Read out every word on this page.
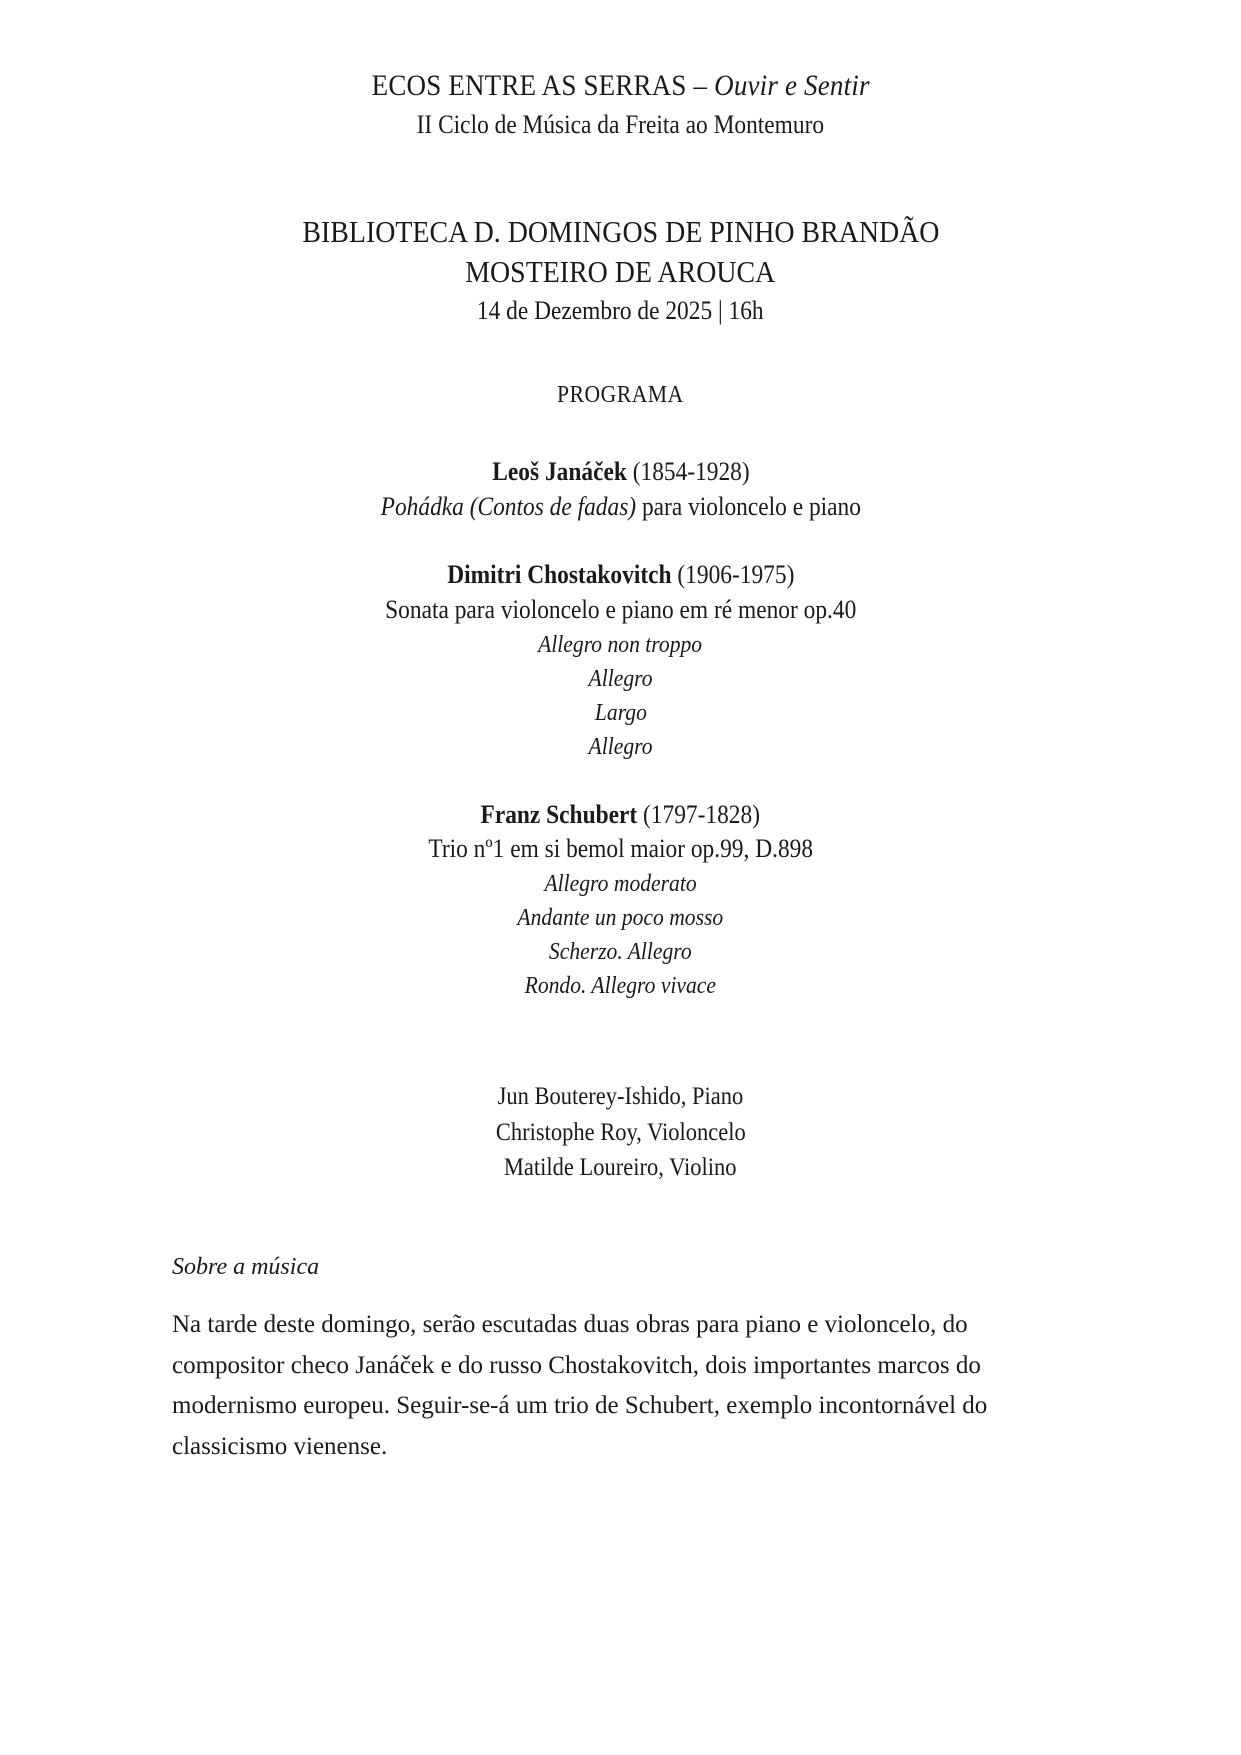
ECOS ENTRE AS SERRAS – Ouvir e Sentir
II Ciclo de Música da Freita ao Montemuro
BIBLIOTECA D. DOMINGOS DE PINHO BRANDÃO
MOSTEIRO DE AROUCA
14 de Dezembro de 2025 | 16h
PROGRAMA
Leoš Janáček (1854-1928)
Pohádka (Contos de fadas) para violoncelo e piano
Dimitri Chostakovitch (1906-1975)
Sonata para violoncelo e piano em ré menor op.40
Allegro non troppo
Allegro
Largo
Allegro
Franz Schubert (1797-1828)
Trio nº1 em si bemol maior op.99, D.898
Allegro moderato
Andante un poco mosso
Scherzo. Allegro
Rondo. Allegro vivace
Jun Bouterey-Ishido, Piano
Christophe Roy, Violoncelo
Matilde Loureiro, Violino
Sobre a música
Na tarde deste domingo, serão escutadas duas obras para piano e violoncelo, do compositor checo Janáček e do russo Chostakovitch, dois importantes marcos do modernismo europeu. Seguir-se-á um trio de Schubert, exemplo incontornável do classicismo vienense.
